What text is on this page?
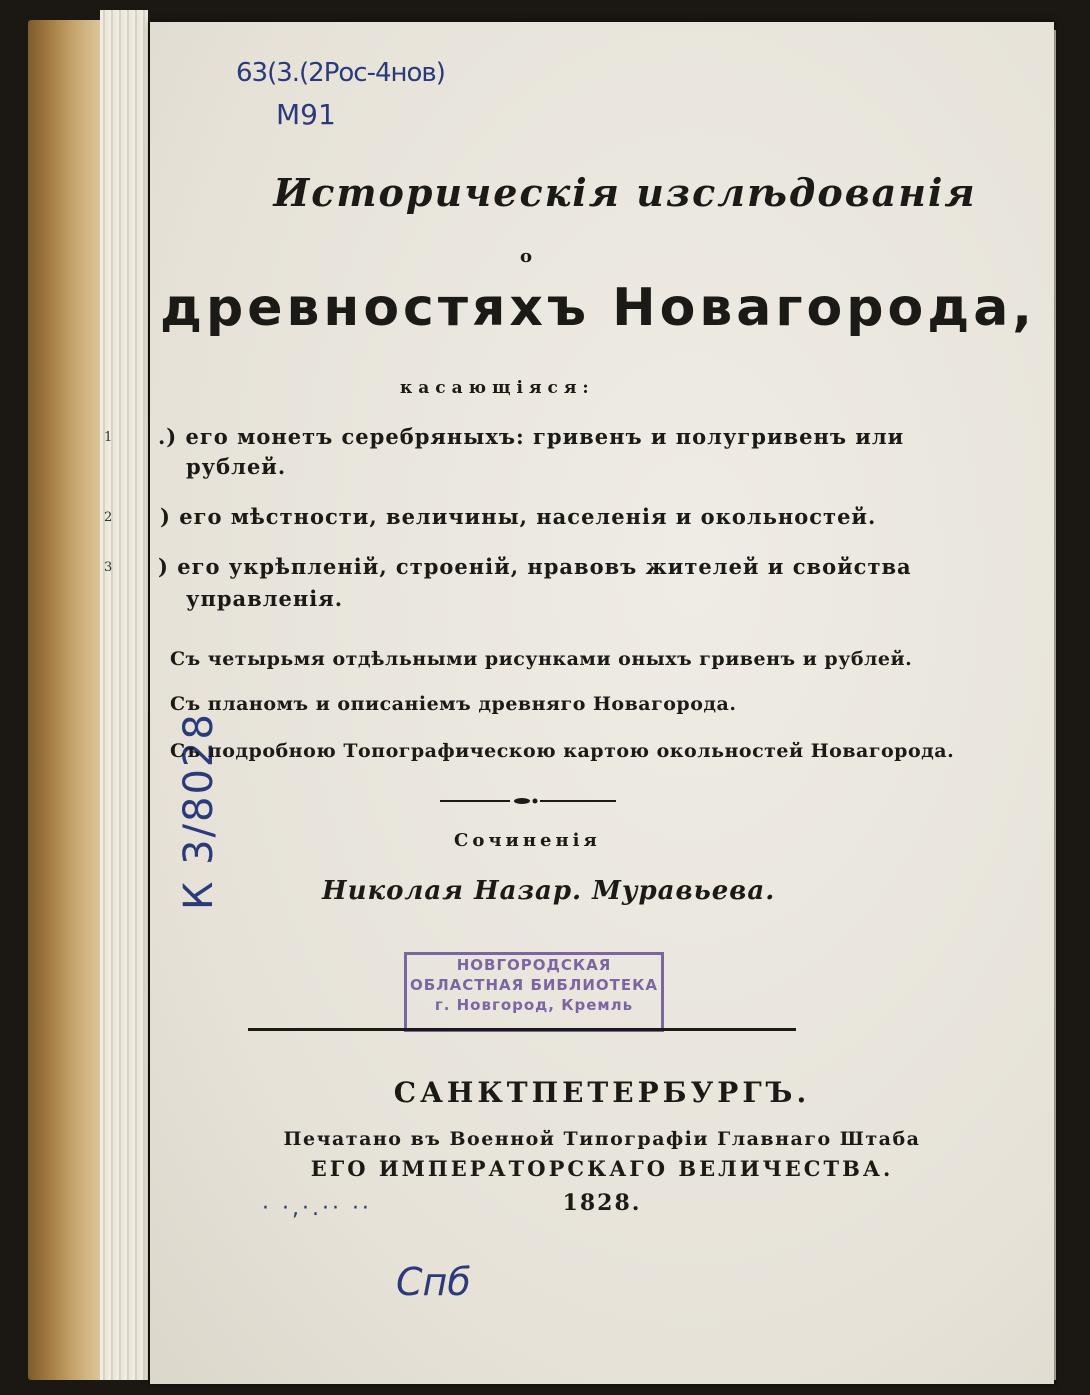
63(3.(2Рос-4нов)
М91
К 3/8028
Историческія изслѣдованія
о
древностяхъ Новагорода,
касающіяся:
1 .) его монетъ серебряныхъ: гривенъ и полугривенъ или
рублей.
2 ) его мѣстности, величины, населенія и окольностей.
3 ) его укрѣпленій, строеній, нравовъ жителей и свойства
управленія.
Съ четырьмя отдѣльными рисунками оныхъ гривенъ и рублей.
Съ планомъ и описаніемъ древняго Новагорода.
Съ подробною Топографическою картою окольностей Новагорода.
Сочиненія
Николая Назар. Муравьева.
НОВГОРОДСКАЯ
ОБЛАСТНАЯ БИБЛИОТЕКА
г. Новгород, Кремль
САНКТПЕТЕРБУРГЪ.
Печатано въ Военной Типографіи Главнаго Штаба
ЕГО ИМПЕРАТОРСКАГО ВЕЛИЧЕСТВА.
1828.
· ·,·.·· ··
Спб
